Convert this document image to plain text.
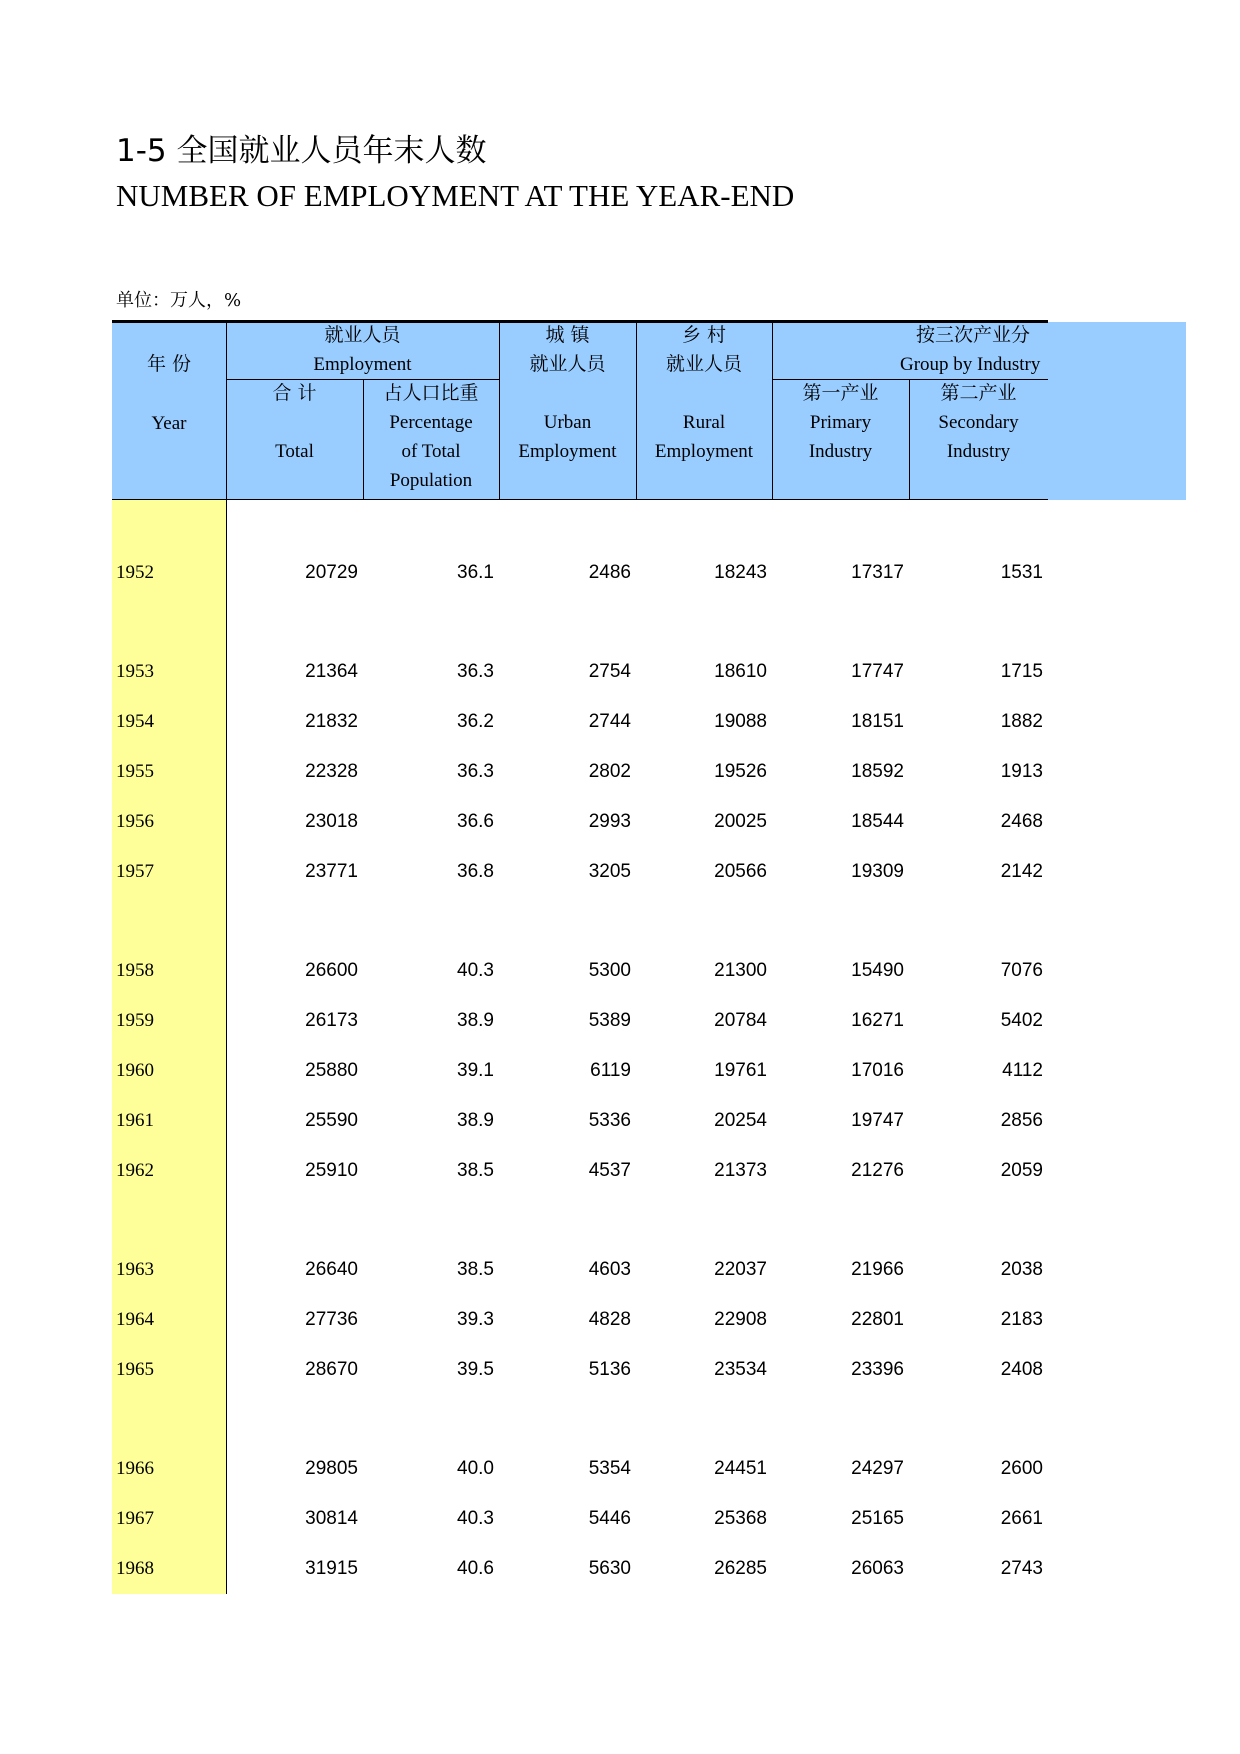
1-5 全国就业人员年末人数
NUMBER OF EMPLOYMENT AT THE YEAR-END
单位：万人，%
年 份
Year
就业人员
Employment
合 计

Total
占人口比重
Percentage
of Total
Population
城 镇
就业人员

Urban
Employment
乡 村
就业人员

Rural
Employment
按三次产业分
Group by Industry
第一产业
Primary
Industry
第二产业
Secondary
Industry
1952	20729	36.1	2486	18243	17317	1531
1953	21364	36.3	2754	18610	17747	1715
1954	21832	36.2	2744	19088	18151	1882
1955	22328	36.3	2802	19526	18592	1913
1956	23018	36.6	2993	20025	18544	2468
1957	23771	36.8	3205	20566	19309	2142
1958	26600	40.3	5300	21300	15490	7076
1959	26173	38.9	5389	20784	16271	5402
1960	25880	39.1	6119	19761	17016	4112
1961	25590	38.9	5336	20254	19747	2856
1962	25910	38.5	4537	21373	21276	2059
1963	26640	38.5	4603	22037	21966	2038
1964	27736	39.3	4828	22908	22801	2183
1965	28670	39.5	5136	23534	23396	2408
1966	29805	40.0	5354	24451	24297	2600
1967	30814	40.3	5446	25368	25165	2661
1968	31915	40.6	5630	26285	26063	2743
